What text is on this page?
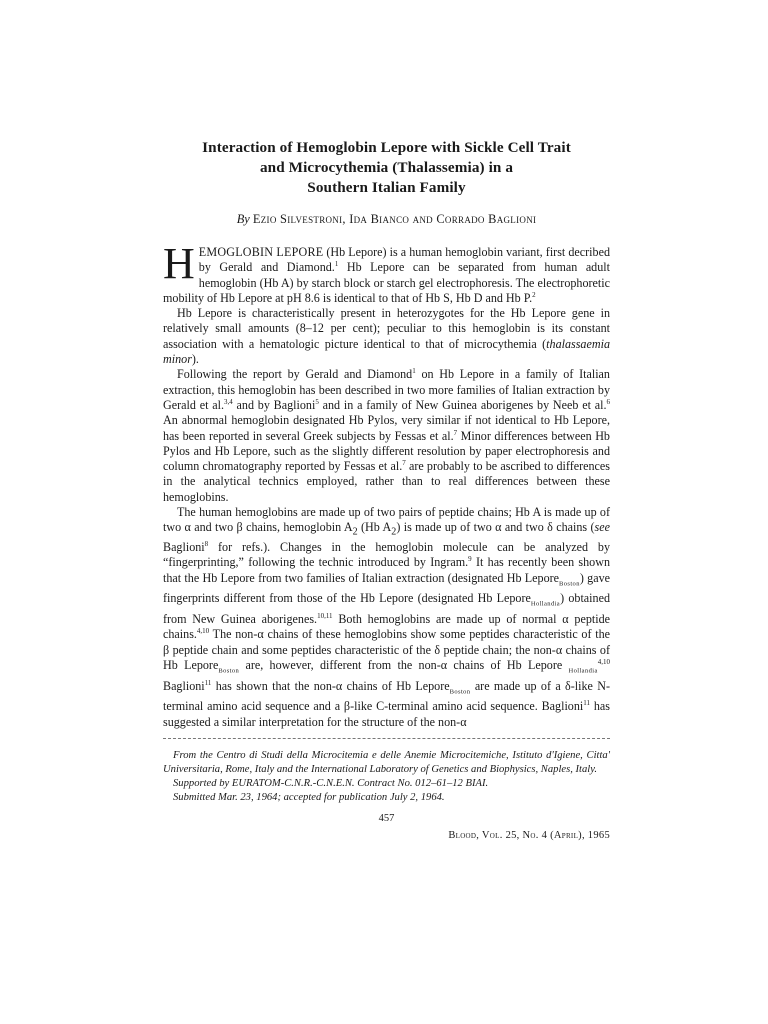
Interaction of Hemoglobin Lepore with Sickle Cell Trait
and Microcythemia (Thalassemia) in a
Southern Italian Family
By Ezio Silvestroni, Ida Bianco and Corrado Baglioni

HEMOGLOBIN LEPORE (Hb Lepore) is a human hemoglobin variant, first decribed by Gerald and Diamond.$^1$ Hb Lepore can be separated from human adult hemoglobin (Hb A) by starch block or starch gel electrophoresis. The electrophoretic mobility of Hb Lepore at pH 8.6 is identical to that of Hb S, Hb D and Hb P.$^2$

Hb Lepore is characteristically present in heterozygotes for the Hb Lepore gene in relatively small amounts (8–12 per cent); peculiar to this hemoglobin is its constant association with a hematologic picture identical to that of microcythemia (thalassaemia minor).

Following the report by Gerald and Diamond$^1$ on Hb Lepore in a family of Italian extraction, this hemoglobin has been described in two more families of Italian extraction by Gerald et al.$^{3,4}$ and by Baglioni$^5$ and in a family of New Guinea aborigenes by Neeb et al.$^6$ An abnormal hemoglobin designated Hb Pylos, very similar if not identical to Hb Lepore, has been reported in several Greek subjects by Fessas et al.$^7$ Minor differences between Hb Pylos and Hb Lepore, such as the slightly different resolution by paper electrophoresis and column chromatography reported by Fessas et al.$^7$ are probably to be ascribed to differences in the analytical technics employed, rather than to real differences between these hemoglobins.

The human hemoglobins are made up of two pairs of peptide chains; Hb A is made up of two α and two β chains, hemoglobin $A_2$ (Hb $A_2$) is made up of two α and two δ chains (see Baglioni$^8$ for refs.). Changes in the hemoglobin molecule can be analyzed by “fingerprinting,” following the technic introduced by Ingram.$^9$ It has recently been shown that the Hb Lepore from two families of Italian extraction (designated Hb Lepore$_{Boston}$) gave fingerprints different from those of the Hb Lepore (designated Hb Lepore$_{Hollandia}$) obtained from New Guinea aborigenes.$^{10,11}$ Both hemoglobins are made up of normal α peptide chains.$^{4,10}$ The non-α chains of these hemoglobins show some peptides characteristic of the β peptide chain and some peptides characteristic of the δ peptide chain; the non-α chains of Hb Lepore$_{Boston}$ are, however, different from the non-α chains of Hb Lepore $_{Hollandia}^{4,10}$ Baglioni$^{11}$ has shown that the non-α chains of Hb Lepore$_{Boston}$ are made up of a δ-like N-terminal amino acid sequence and a β-like C-terminal amino acid sequence. Baglioni$^{11}$ has suggested a similar interpretation for the structure of the non-α

From the Centro di Studi della Microcitemia e delle Anemie Microcitemiche, Istituto d'Igiene, Citta' Universitaria, Rome, Italy and the International Laboratory of Genetics and Biophysics, Naples, Italy.

Supported by EURATOM-C.N.R.-C.N.E.N. Contract No. 012–61–12 BIAI.

Submitted Mar. 23, 1964; accepted for publication July 2, 1964.

457
Blood, Vol. 25, No. 4 (April), 1965
